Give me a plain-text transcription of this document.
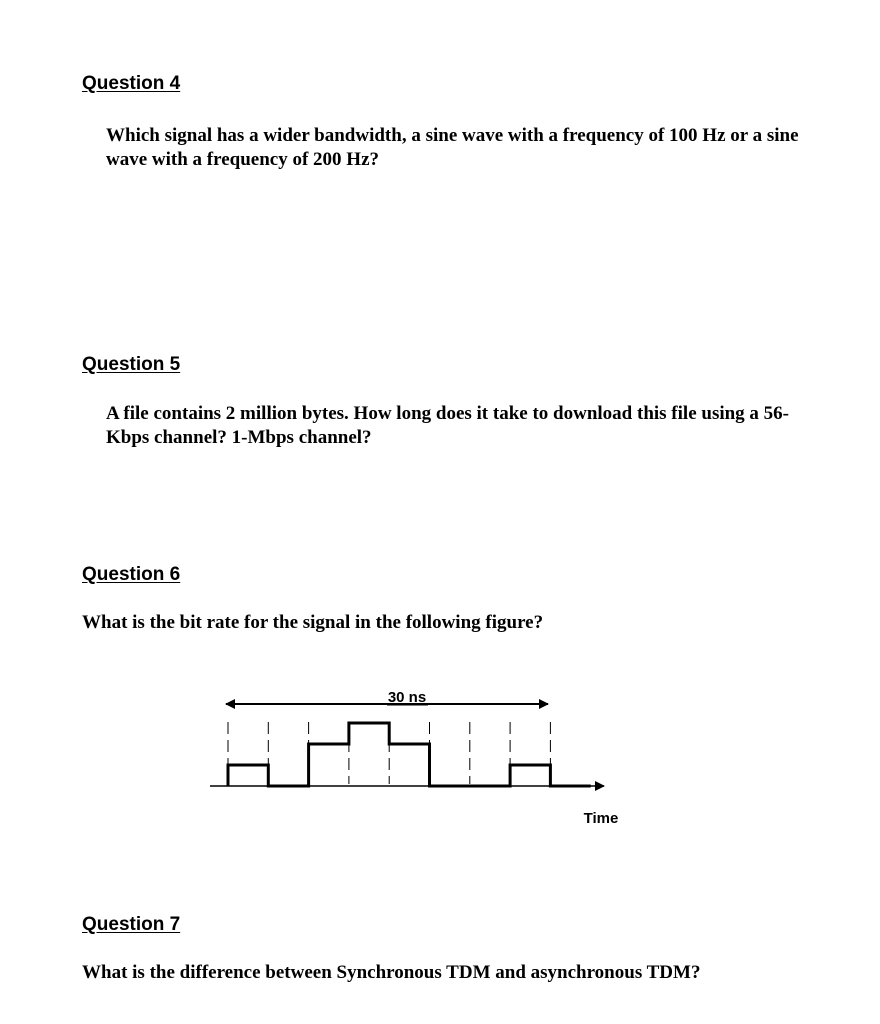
Question 4

Which signal has a wider bandwidth, a sine wave with a frequency of 100 Hz or a sine wave with a frequency of 200 Hz?

Question 5

A file contains 2 million bytes. How long does it take to download this file using a 56-Kbps channel? 1-Mbps channel?

Question 6

What is the bit rate for the signal in the following figure?

30 ns
Time
Question 7

What is the difference between Synchronous TDM and asynchronous TDM?
